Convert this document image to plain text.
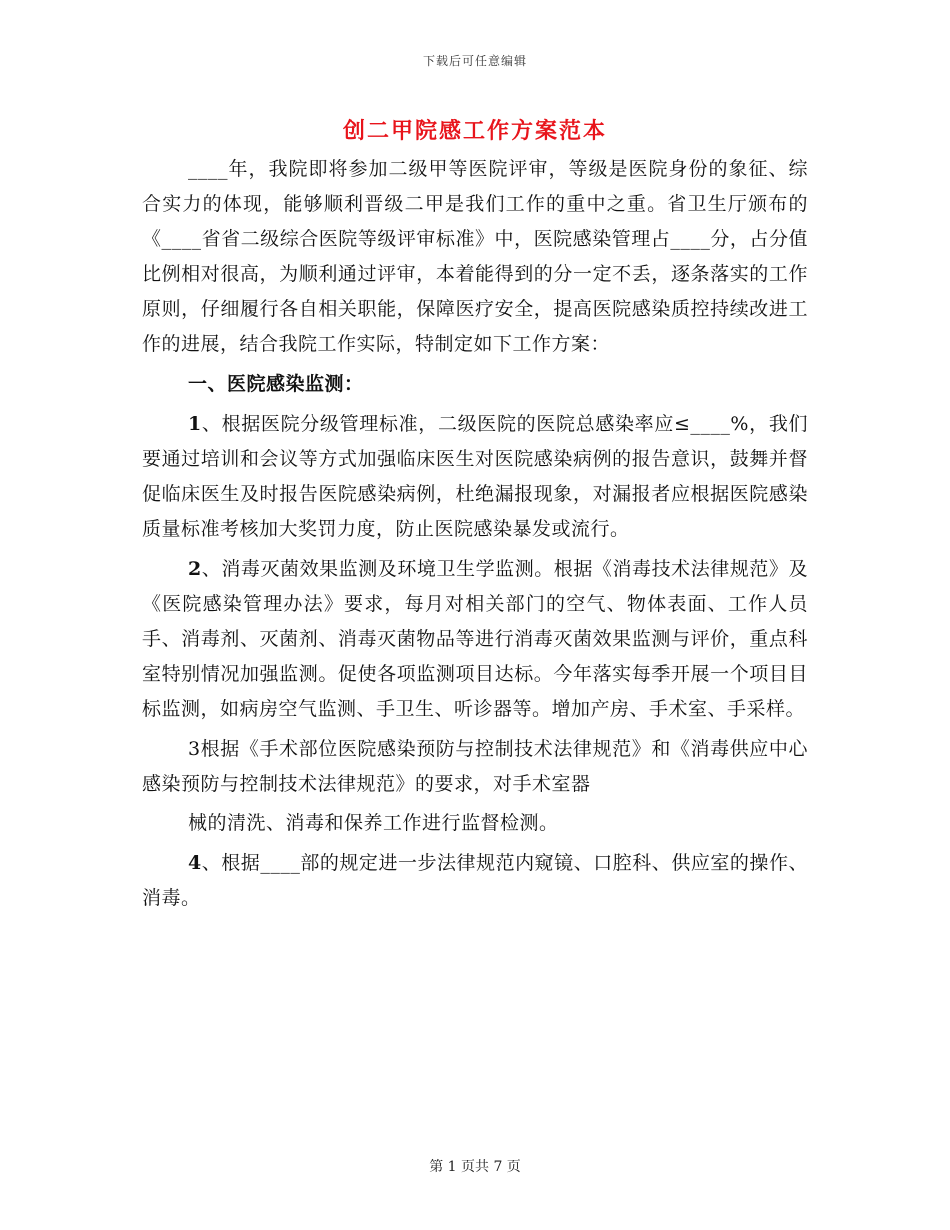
下载后可任意编辑
创二甲院感工作方案范本

____年，我院即将参加二级甲等医院评审，等级是医院身份的象征、综合实力的体现，能够顺利晋级二甲是我们工作的重中之重。省卫生厅颁布的《____省省二级综合医院等级评审标准》中，医院感染管理占____分，占分值比例相对很高，为顺利通过评审，本着能得到的分一定不丢，逐条落实的工作原则，仔细履行各自相关职能，保障医疗安全，提高医院感染质控持续改进工作的进展，结合我院工作实际，特制定如下工作方案：

一、医院感染监测：

1、根据医院分级管理标准，二级医院的医院总感染率应≤____%，我们要通过培训和会议等方式加强临床医生对医院感染病例的报告意识，鼓舞并督促临床医生及时报告医院感染病例，杜绝漏报现象，对漏报者应根据医院感染质量标准考核加大奖罚力度，防止医院感染暴发或流行。

2、消毒灭菌效果监测及环境卫生学监测。根据《消毒技术法律规范》及《医院感染管理办法》要求，每月对相关部门的空气、物体表面、工作人员手、消毒剂、灭菌剂、消毒灭菌物品等进行消毒灭菌效果监测与评价，重点科室特别情况加强监测。促使各项监测项目达标。今年落实每季开展一个项目目标监测，如病房空气监测、手卫生、听诊器等。增加产房、手术室、手采样。

3根据《手术部位医院感染预防与控制技术法律规范》和《消毒供应中心感染预防与控制技术法律规范》的要求，对手术室器

械的清洗、消毒和保养工作进行监督检测。

4、根据____部的规定进一步法律规范内窥镜、口腔科、供应室的操作、消毒。

第 1 页共 7 页
